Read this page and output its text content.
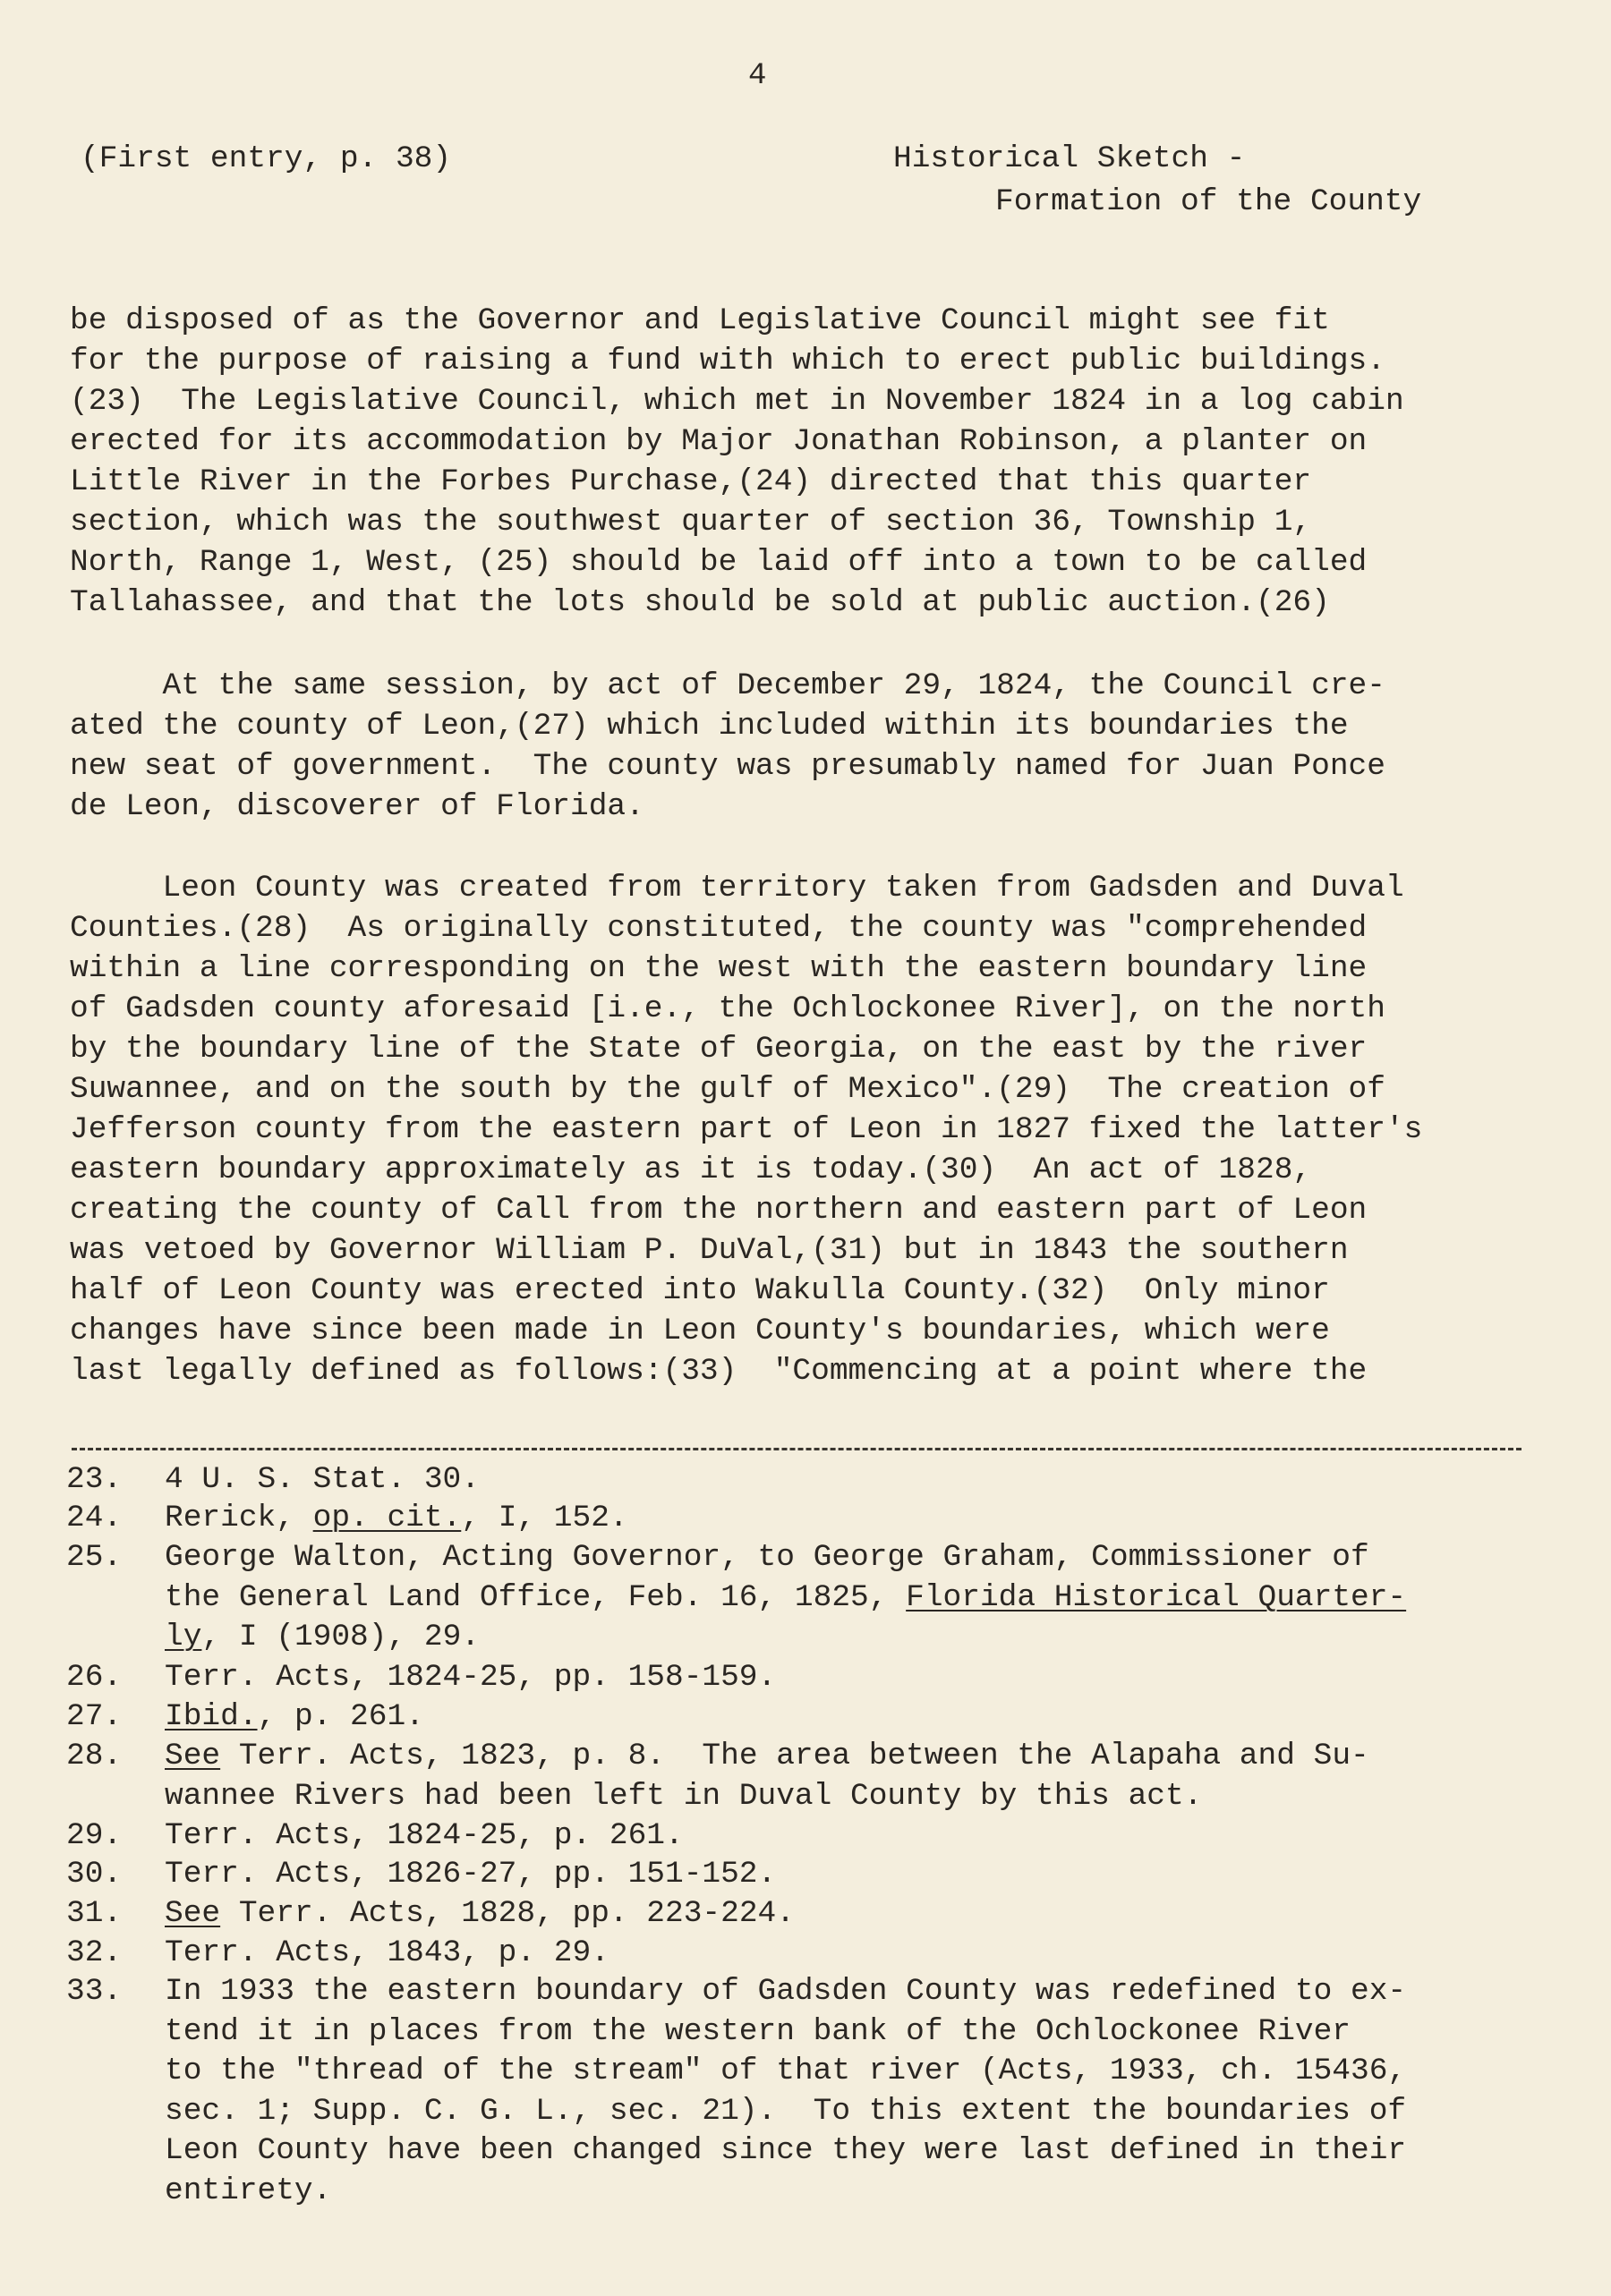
4
(First entry, p. 38)	Historical Sketch -
Formation of the County
be disposed of as the Governor and Legislative Council might see fit
for the purpose of raising a fund with which to erect public buildings.
(23)  The Legislative Council, which met in November 1824 in a log cabin
erected for its accommodation by Major Jonathan Robinson, a planter on
Little River in the Forbes Purchase,(24) directed that this quarter
section, which was the southwest quarter of section 36, Township 1,
North, Range 1, West, (25) should be laid off into a town to be called
Tallahassee, and that the lots should be sold at public auction.(26)
At the same session, by act of December 29, 1824, the Council cre-
ated the county of Leon,(27) which included within its boundaries the
new seat of government.  The county was presumably named for Juan Ponce
de Leon, discoverer of Florida.
Leon County was created from territory taken from Gadsden and Duval
Counties.(28)  As originally constituted, the county was "comprehended
within a line corresponding on the west with the eastern boundary line
of Gadsden county aforesaid [i.e., the Ochlockonee River], on the north
by the boundary line of the State of Georgia, on the east by the river
Suwannee, and on the south by the gulf of Mexico".(29)  The creation of
Jefferson county from the eastern part of Leon in 1827 fixed the latter's
eastern boundary approximately as it is today.(30)  An act of 1828,
creating the county of Call from the northern and eastern part of Leon
was vetoed by Governor William P. DuVal,(31) but in 1843 the southern
half of Leon County was erected into Wakulla County.(32)  Only minor
changes have since been made in Leon County's boundaries, which were
last legally defined as follows:(33)  "Commencing at a point where the
23.	4 U. S. Stat. 30.
24.	Rerick, op. cit., I, 152.
25.	George Walton, Acting Governor, to George Graham, Commissioner of
the General Land Office, Feb. 16, 1825, Florida Historical Quarter-
ly, I (1908), 29.
26.	Terr. Acts, 1824-25, pp. 158-159.
27.	Ibid., p. 261.
28.	See Terr. Acts, 1823, p. 8.  The area between the Alapaha and Su-
wannee Rivers had been left in Duval County by this act.
29.	Terr. Acts, 1824-25, p. 261.
30.	Terr. Acts, 1826-27, pp. 151-152.
31.	See Terr. Acts, 1828, pp. 223-224.
32.	Terr. Acts, 1843, p. 29.
33.	In 1933 the eastern boundary of Gadsden County was redefined to ex-
tend it in places from the western bank of the Ochlockonee River
to the "thread of the stream" of that river (Acts, 1933, ch. 15436,
sec. 1; Supp. C. G. L., sec. 21).  To this extent the boundaries of
Leon County have been changed since they were last defined in their
entirety.
